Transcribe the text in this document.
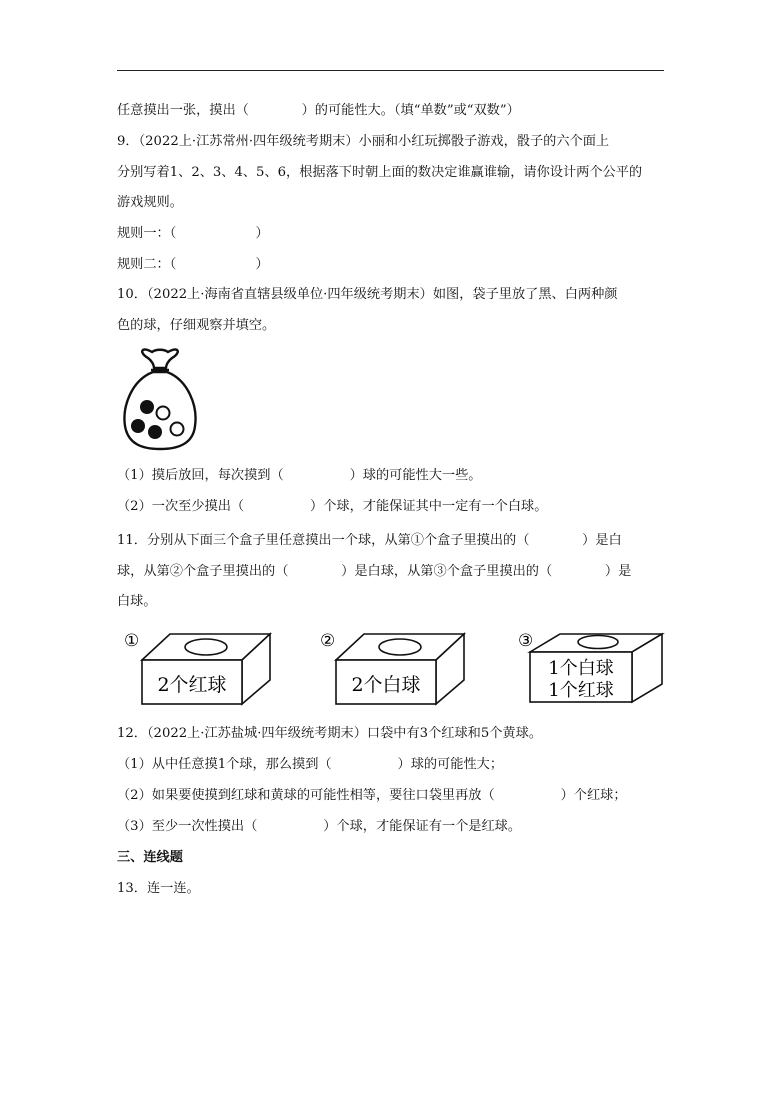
任意摸出一张，摸出（　　　　）的可能性大。（填“单数”或“双数”）
9．（2022上·江苏常州·四年级统考期末）小丽和小红玩掷骰子游戏，骰子的六个面上
分别写着1、2、3、4、5、6，根据落下时朝上面的数决定谁赢谁输，请你设计两个公平的
游戏规则。
规则一：（　　　　　　）
规则二：（　　　　　　）
10．（2022上·海南省直辖县级单位·四年级统考期末）如图，袋子里放了黑、白两种颜
色的球，仔细观察并填空。
（1）摸后放回，每次摸到（　　　　　）球的可能性大一些。
（2）一次至少摸出（　　　　　）个球，才能保证其中一定有一个白球。
11．分别从下面三个盒子里任意摸出一个球，从第①个盒子里摸出的（　　　　）是白
球，从第②个盒子里摸出的（　　　　）是白球，从第③个盒子里摸出的（　　　　）是
白球。
①
2个红球
②
2个白球
③
1个白球
1个红球
12．（2022上·江苏盐城·四年级统考期末）口袋中有3个红球和5个黄球。
（1）从中任意摸1个球，那么摸到（　　　　　）球的可能性大；
（2）如果要使摸到红球和黄球的可能性相等，要往口袋里再放（　　　　　）个红球；
（3）至少一次性摸出（　　　　　）个球，才能保证有一个是红球。
三、连线题
13．连一连。
